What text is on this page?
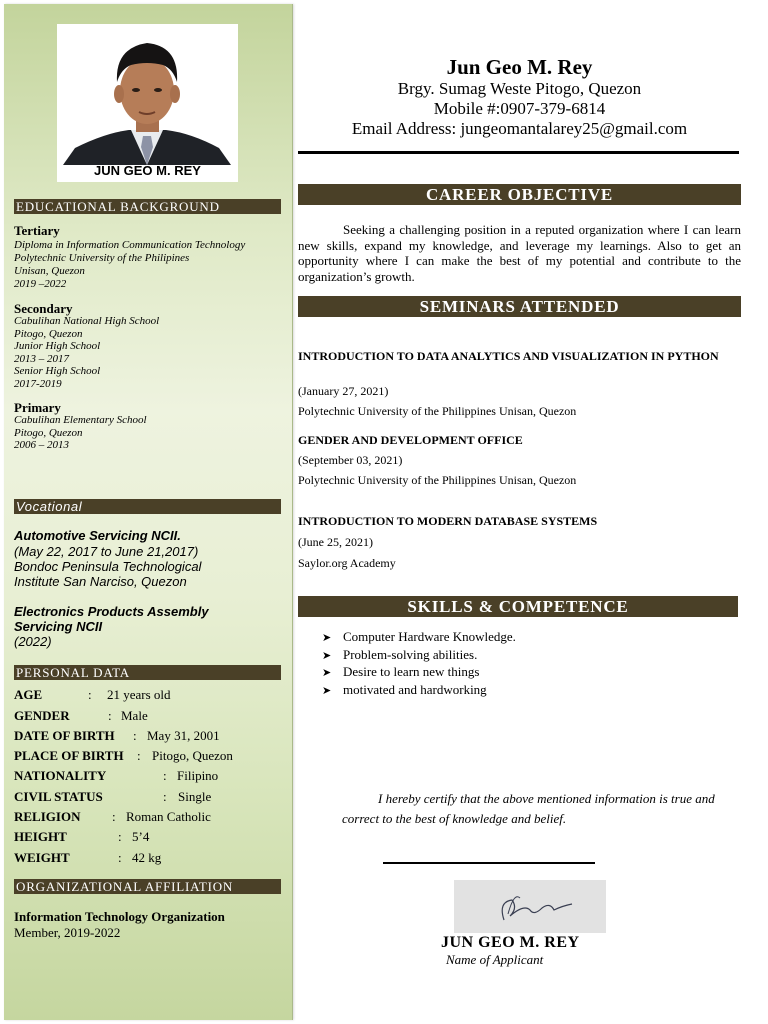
JUN GEO M. REY
EDUCATIONAL BACKGROUND
Tertiary
Diploma in Information Communication Technology
Polytechnic University of the Philipines
Unisan, Quezon
2019 –2022
Secondary
Cabulihan National High School
Pitogo, Quezon
Junior High School
2013 – 2017
Senior High School
2017-2019
Primary
Cabulihan Elementary School
Pitogo, Quezon
2006 – 2013
Vocational
Automotive Servicing NCII.
(May 22, 2017 to June 21,2017)
Bondoc Peninsula Technological
Institute San Narciso, Quezon
Electronics Products Assembly
Servicing NCII
(2022)
PERSONAL DATA
AGE	: 21 years old
GENDER	: Male
DATE OF BIRTH : May 31, 2001
PLACE OF BIRTH : Pitogo, Quezon
NATIONALITY	: Filipino
CIVIL STATUS	: Single
RELIGION : Roman Catholic
HEIGHT	: 5’4
WEIGHT	: 42 kg
ORGANIZATIONAL AFFILIATION
Information Technology Organization
Member, 2019-2022
Jun Geo M. Rey
Brgy. Sumag Weste Pitogo, Quezon
Mobile #:0907-379-6814
Email Address: jungeomantalarey25@gmail.com
CAREER OBJECTIVE

Seeking a challenging position in a reputed organization where I can learn new skills, expand my knowledge, and leverage my learnings. Also to get an opportunity where I can make the best of my potential and contribute to the organization’s growth.

SEMINARS ATTENDED
INTRODUCTION TO DATA ANALYTICS AND VISUALIZATION IN PYTHON
(January 27, 2021)
Polytechnic University of the Philippines Unisan, Quezon
GENDER AND DEVELOPMENT OFFICE
(September 03, 2021)
Polytechnic University of the Philippines Unisan, Quezon
INTRODUCTION TO MODERN DATABASE SYSTEMS
(June 25, 2021)
Saylor.org Academy
SKILLS & COMPETENCE
➤ Computer Hardware Knowledge.
➤ Problem-solving abilities.
➤ Desire to learn new things
➤ motivated and hardworking

I hereby certify that the above mentioned information is true and correct to the best of knowledge and belief.

JUN GEO M. REY
Name of Applicant
